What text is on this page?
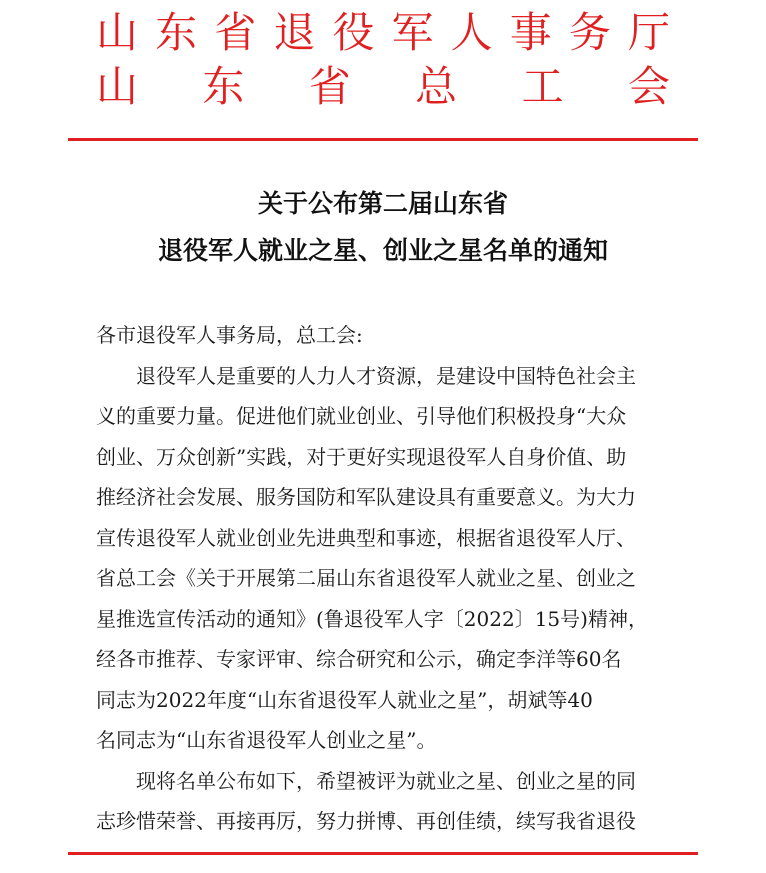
山 东 省 退 役 军 人 事 务 厅
山 东 省 总 工 会
关于公布第二届山东省
退役军人就业之星、创业之星名单的通知
各市退役军人事务局，总工会:
退役军人是重要的人力人才资源，是建设中国特色社会主
义的重要力量。促进他们就业创业、引导他们积极投身“大众
创业、万众创新”实践，对于更好实现退役军人自身价值、助
推经济社会发展、服务国防和军队建设具有重要意义。为大力
宣传退役军人就业创业先进典型和事迹，根据省退役军人厅、
省总工会《关于开展第二届山东省退役军人就业之星、创业之
星推选宣传活动的通知》(鲁退役军人字〔2022〕15号)精神，
经各市推荐、专家评审、综合研究和公示，确定李洋等60名
同志为2022年度“山东省退役军人就业之星”，胡斌等40
名同志为“山东省退役军人创业之星”。
现将名单公布如下，希望被评为就业之星、创业之星的同
志珍惜荣誉、再接再厉，努力拼博、再创佳绩，续写我省退役
